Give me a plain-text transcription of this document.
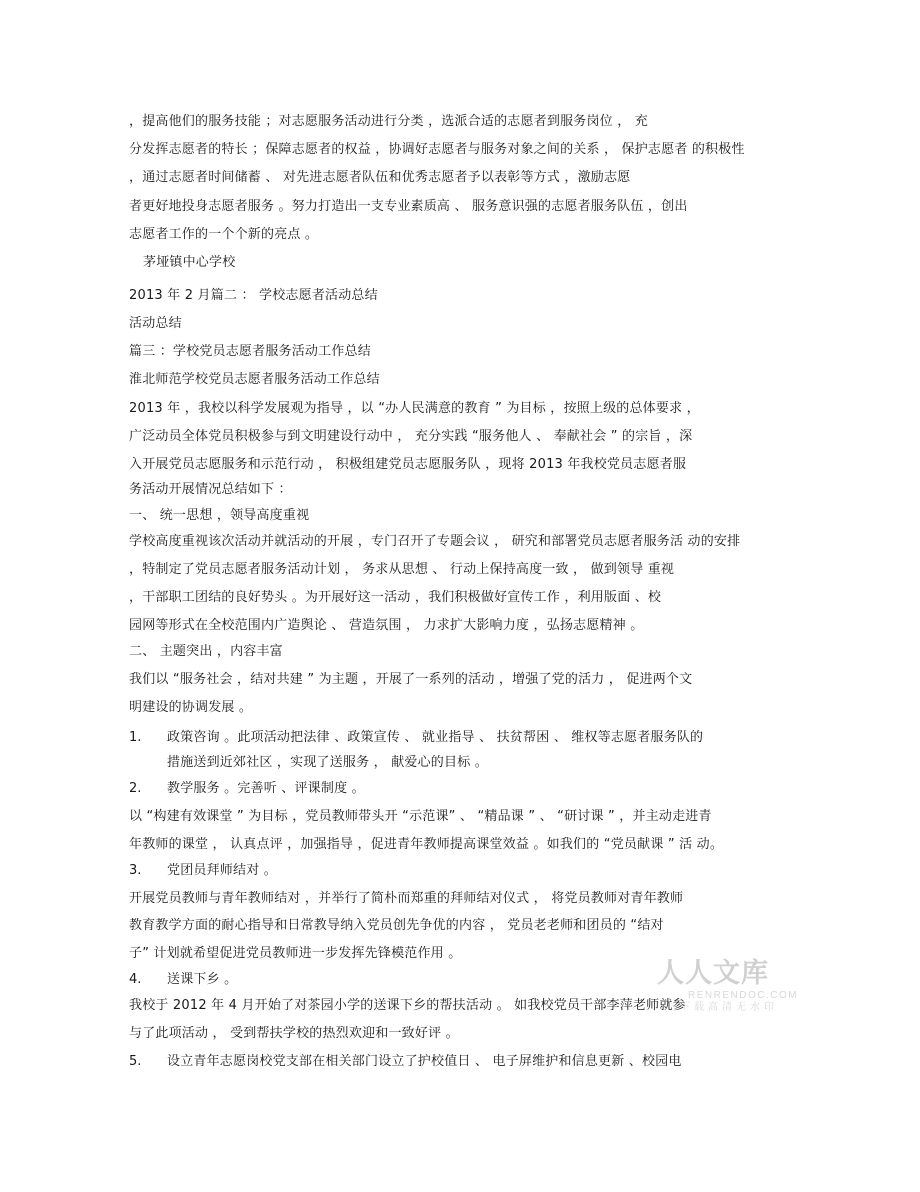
，提高他们的服务技能 ；对志愿服务活动进行分类 ，选派合适的志愿者到服务岗位 ， 充
分发挥志愿者的特长 ；保障志愿者的权益 ，协调好志愿者与服务对象之间的关系 ， 保护志愿者 的积极性
，通过志愿者时间储蓄 、 对先进志愿者队伍和优秀志愿者予以表彰等方式 ，激励志愿
者更好地投身志愿者服务 。努力打造出一支专业素质高 、 服务意识强的志愿者服务队伍 ，创出
志愿者工作的一个个新的亮点 。
茅垭镇中心学校
2013 年 2 月篇二 ： 学校志愿者活动总结
活动总结
篇三 ：学校党员志愿者服务活动工作总结
淮北师范学校党员志愿者服务活动工作总结
2013 年 ，我校以科学发展观为指导 ，以 “办人民满意的教育 ” 为目标 ，按照上级的总体要求 ，
广泛动员全体党员积极参与到文明建设行动中 ， 充分实践 “服务他人 、 奉献社会 ” 的宗旨 ，深
入开展党员志愿服务和示范行动 ， 积极组建党员志愿服务队 ，现将 2013 年我校党员志愿者服
务活动开展情况总结如下 ：
一、 统一思想 ，领导高度重视
学校高度重视该次活动并就活动的开展 ，专门召开了专题会议 ， 研究和部署党员志愿者服务活 动的安排
，特制定了党员志愿者服务活动计划 ， 务求从思想 、 行动上保持高度一致 ， 做到领导 重视
，干部职工团结的良好势头 。为开展好这一活动 ，我们积极做好宣传工作 ，利用版面 、校
园网等形式在全校范围内广造舆论 、 营造氛围 ， 力求扩大影响力度 ，弘扬志愿精神 。
二、 主题突出 ，内容丰富
我们以 “服务社会 ，结对共建 ” 为主题 ，开展了一系列的活动 ，增强了党的活力 ， 促进两个文
明建设的协调发展 。
1. 政策咨询 。此项活动把法律 、政策宣传 、 就业指导 、 扶贫帮困 、 维权等志愿者服务队的
措施送到近郊社区 ，实现了送服务 ， 献爱心的目标 。
2. 教学服务 。完善听 、评课制度 。
以 “构建有效课堂 ” 为目标 ，党员教师带头开 “示范课” 、 “精品课 ” 、 “研讨课 ” ，并主动走进青
年教师的课堂 ， 认真点评 ，加强指导 ，促进青年教师提高课堂效益 。如我们的 “党员献课 ” 活 动。
3. 党团员拜师结对 。
开展党员教师与青年教师结对 ，并举行了简朴而郑重的拜师结对仪式 ， 将党员教师对青年教师
教育教学方面的耐心指导和日常教导纳入党员创先争优的内容 ， 党员老老师和团员的 “结对
子” 计划就希望促进党员教师进一步发挥先锋模范作用 。
4. 送课下乡 。
我校于 2012 年 4 月开始了对茶园小学的送课下乡的帮扶活动 。 如我校党员干部李萍老师就参
与了此项活动 ， 受到帮扶学校的热烈欢迎和一致好评 。
5. 设立青年志愿岗校党支部在相关部门设立了护校值日 、 电子屏维护和信息更新 、校园电
人人文库
RENRENDOC.COM
下载高清无水印
